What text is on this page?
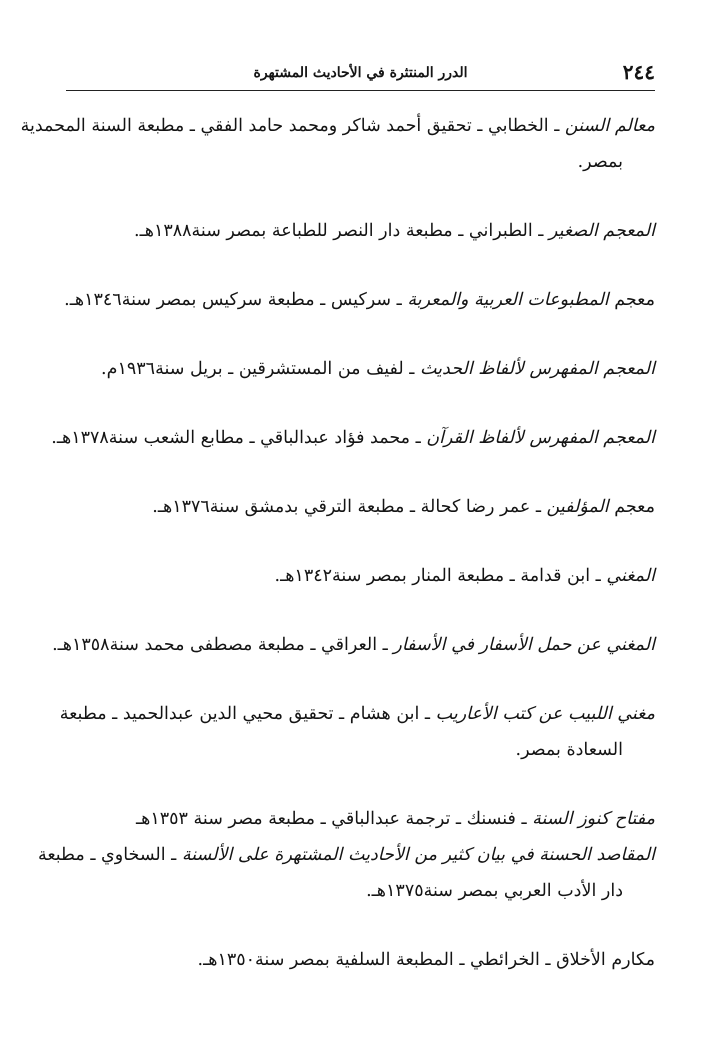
٢٤٤
الدرر المنتثرة في الأحاديث المشتهرة

معالم السنن ـ الخطابي ـ تحقيق أحمد شاكر ومحمد حامد الفقي ـ مطبعة السنة المحمدية
بمصر.

المعجم الصغير ـ الطبراني ـ مطبعة دار النصر للطباعة بمصر سنة١٣٨٨هـ.

معجم المطبوعات العربية والمعربة ـ سركيس ـ مطبعة سركيس بمصر سنة١٣٤٦هـ.

المعجم المفهرس لألفاظ الحديث ـ لفيف من المستشرقين ـ بريل سنة١٩٣٦م.

المعجم المفهرس لألفاظ القرآن ـ محمد فؤاد عبدالباقي ـ مطابع الشعب سنة١٣٧٨هـ.

معجم المؤلفين ـ عمر رضا كحالة ـ مطبعة الترقي بدمشق سنة١٣٧٦هـ.

المغني ـ ابن قدامة ـ مطبعة المنار بمصر سنة١٣٤٢هـ.

المغني عن حمل الأسفار في الأسفار ـ العراقي ـ مطبعة مصطفى محمد سنة١٣٥٨هـ.

مغني اللبيب عن كتب الأعاريب ـ ابن هشام ـ تحقيق محيي الدين عبدالحميد ـ مطبعة
السعادة بمصر.

مفتاح كنوز السنة ـ فنسنك ـ ترجمة عبدالباقي ـ مطبعة مصر سنة ١٣٥٣هـ

المقاصد الحسنة في بيان كثير من الأحاديث المشتهرة على الألسنة ـ السخاوي ـ مطبعة
دار الأدب العربي بمصر سنة١٣٧٥هـ.

مكارم الأخلاق ـ الخرائطي ـ المطبعة السلفية بمصر سنة١٣٥٠هـ.
